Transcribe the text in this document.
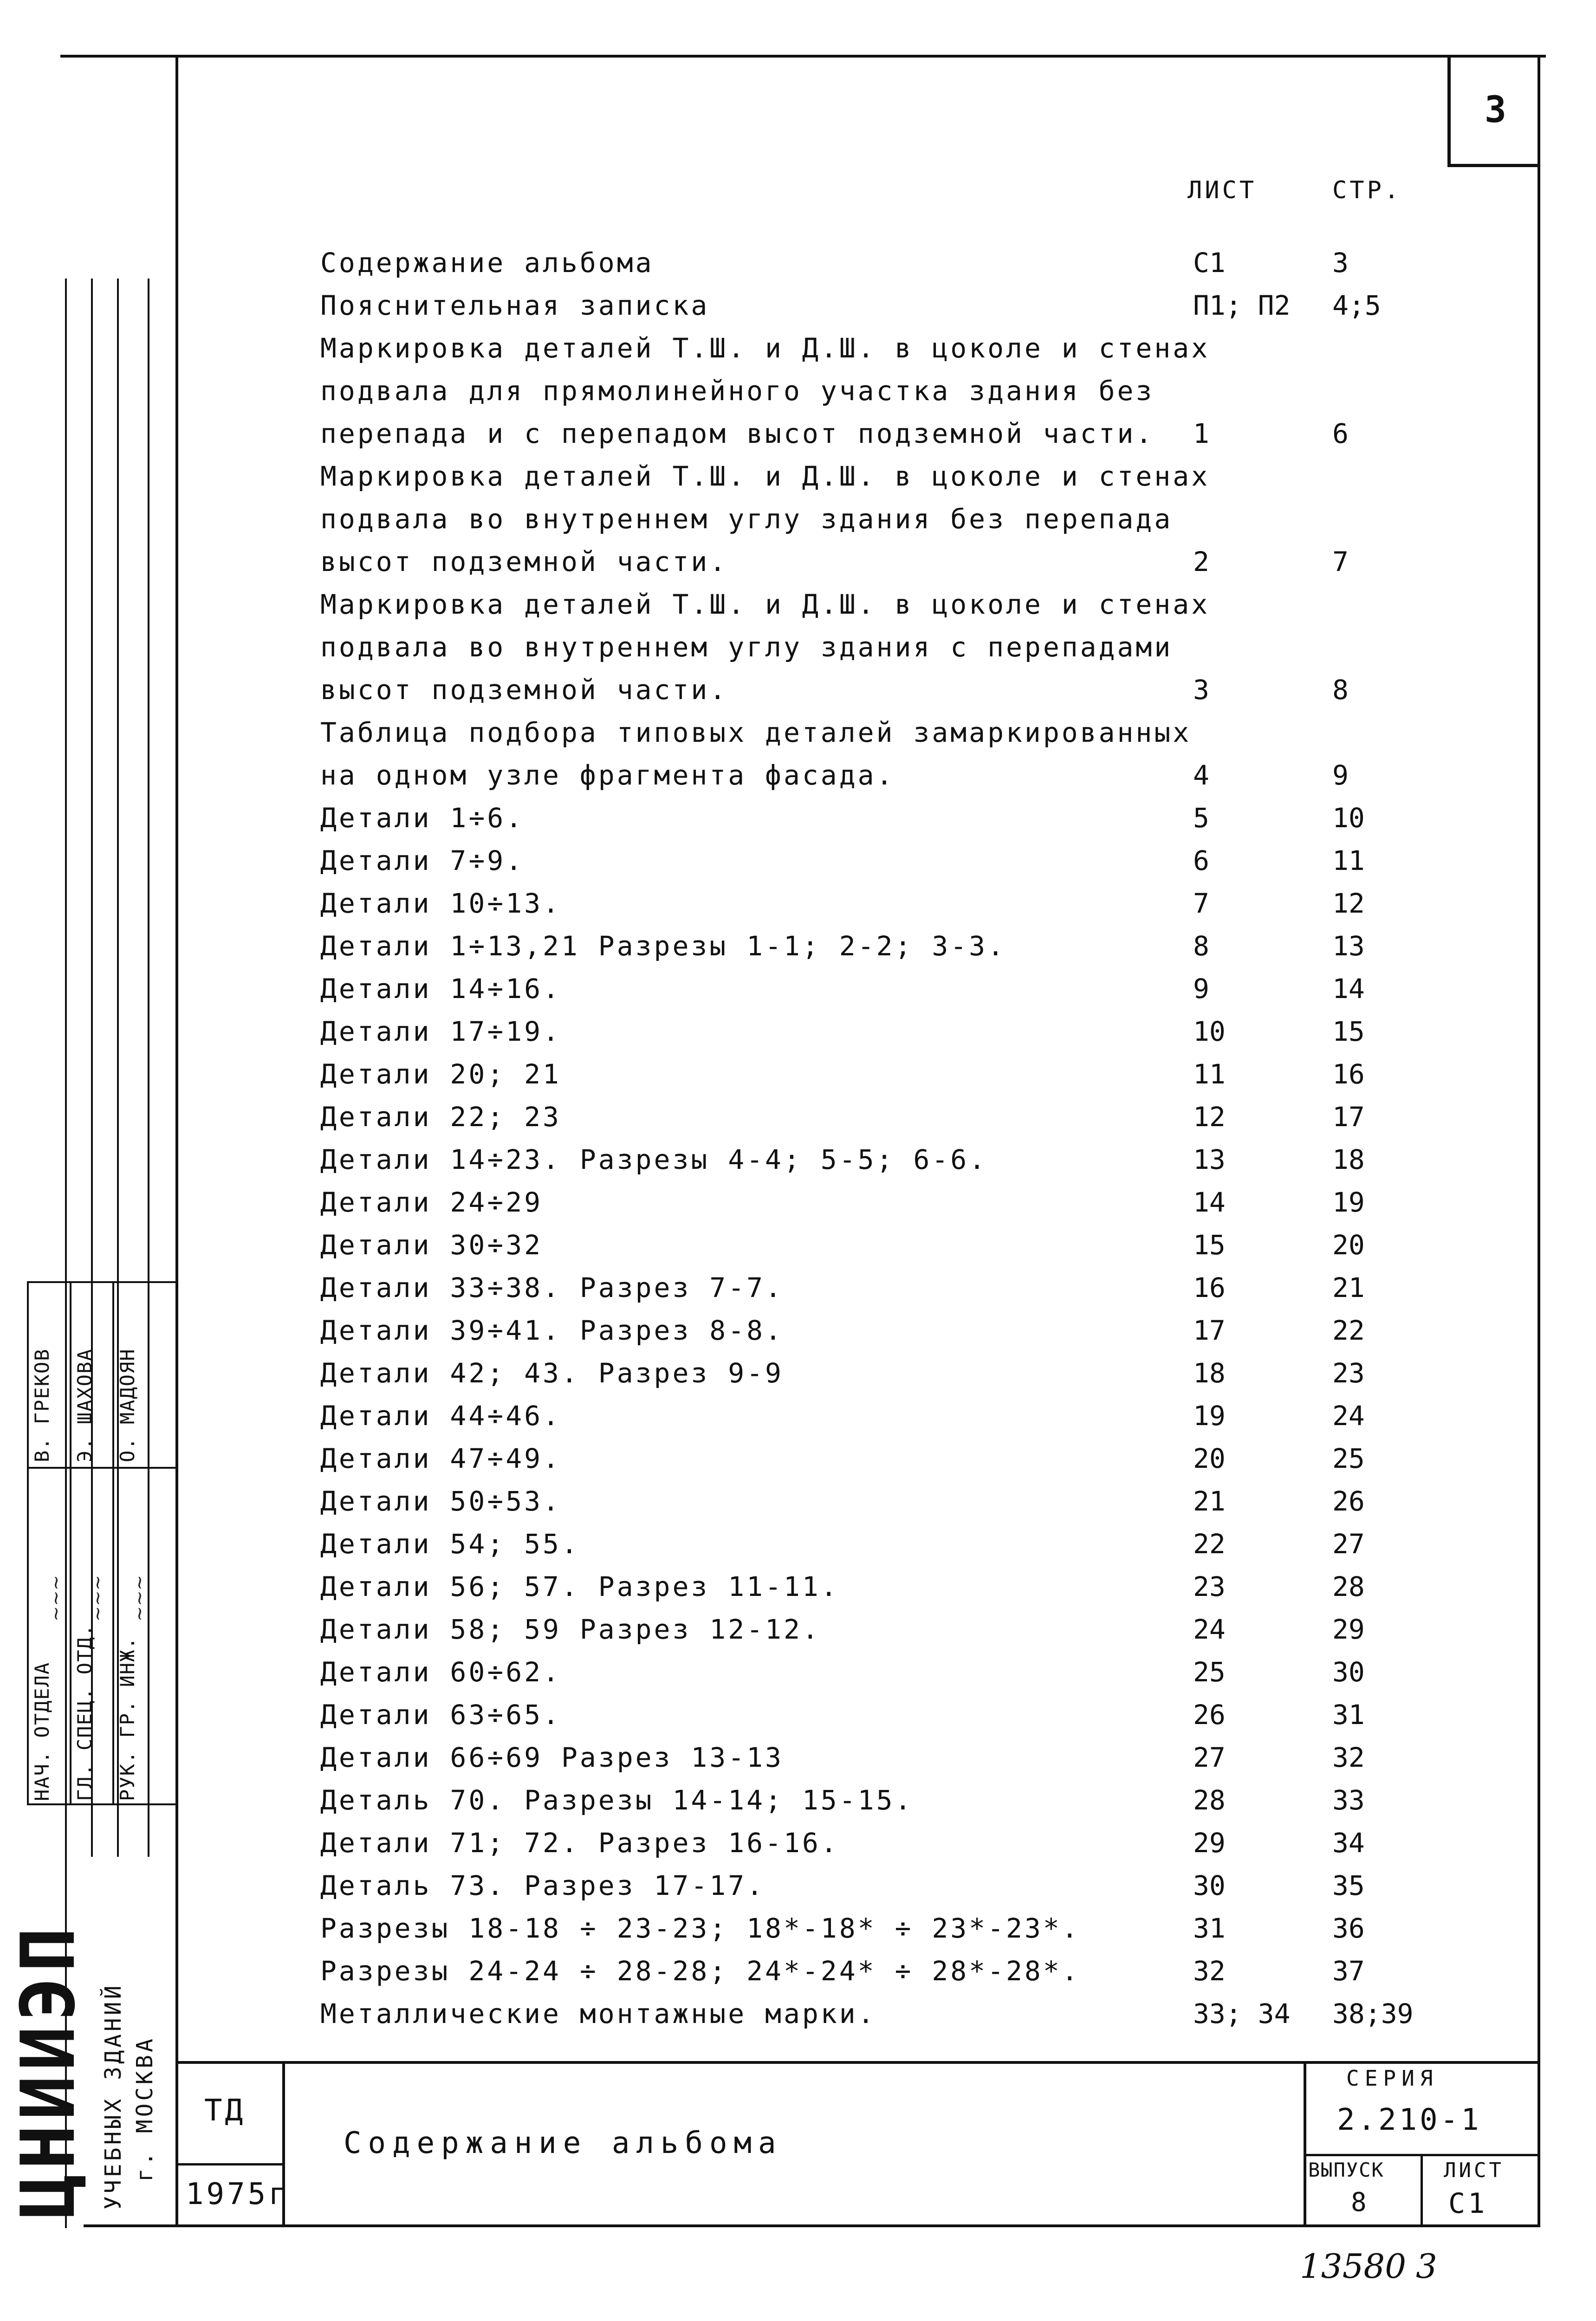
3
ЛИСТ	СТР.
Содержание альбома	С1	3
Пояснительная записка	П1; П2	4;5
Маркировка деталей Т.Ш. и Д.Ш. в цоколе и стенах
подвала для прямолинейного участка здания без
перепада и с перепадом высот подземной части.	1	6
Маркировка деталей Т.Ш. и Д.Ш. в цоколе и стенах
подвала во внутреннем углу здания без перепада
высот подземной части.	2	7
Маркировка деталей Т.Ш. и Д.Ш. в цоколе и стенах
подвала во внутреннем углу здания с перепадами
высот подземной части.	3	8
Таблица подбора типовых деталей замаркированных
на одном узле фрагмента фасада.	4	9
Детали 1÷6.	5	10
Детали 7÷9.	6	11
Детали 10÷13.	7	12
Детали 1÷13,21 Разрезы 1-1; 2-2; 3-3.	8	13
Детали 14÷16.	9	14
Детали 17÷19.	10	15
Детали 20; 21	11	16
Детали 22; 23	12	17
Детали 14÷23. Разрезы 4-4; 5-5; 6-6.	13	18
Детали 24÷29	14	19
Детали 30÷32	15	20
Детали 33÷38. Разрез 7-7.	16	21
Детали 39÷41. Разрез 8-8.	17	22
Детали 42; 43. Разрез 9-9	18	23
Детали 44÷46.	19	24
Детали 47÷49.	20	25
Детали 50÷53.	21	26
Детали 54; 55.	22	27
Детали 56; 57. Разрез 11-11.	23	28
Детали 58; 59 Разрез 12-12.	24	29
Детали 60÷62.	25	30
Детали 63÷65.	26	31
Детали 66÷69 Разрез 13-13	27	32
Деталь 70. Разрезы 14-14; 15-15.	28	33
Детали 71; 72. Разрез 16-16.	29	34
Деталь 73. Разрез 17-17.	30	35
Разрезы 18-18 ÷ 23-23; 18*-18* ÷ 23*-23*.	31	36
Разрезы 24-24 ÷ 28-28; 24*-24* ÷ 28*-28*.	32	37
Металлические монтажные марки.	33; 34	38;39
НАЧ. ОТДЕЛА ГЛ. СПЕЦ. ОТД. РУК. ГР. ИНЖ.
~~~ ~~~ ~~~
В. ГРЕКОВ Э. ШАХОВА О. МАДОЯН
ЦНИИЭП УЧЕБНЫХ ЗДАНИЙ г. МОСКВА ТД
1975г
Содержание альбома
СЕРИЯ
2.210-1
ВЫПУСК
8
ЛИСТ
С1
13580 3
